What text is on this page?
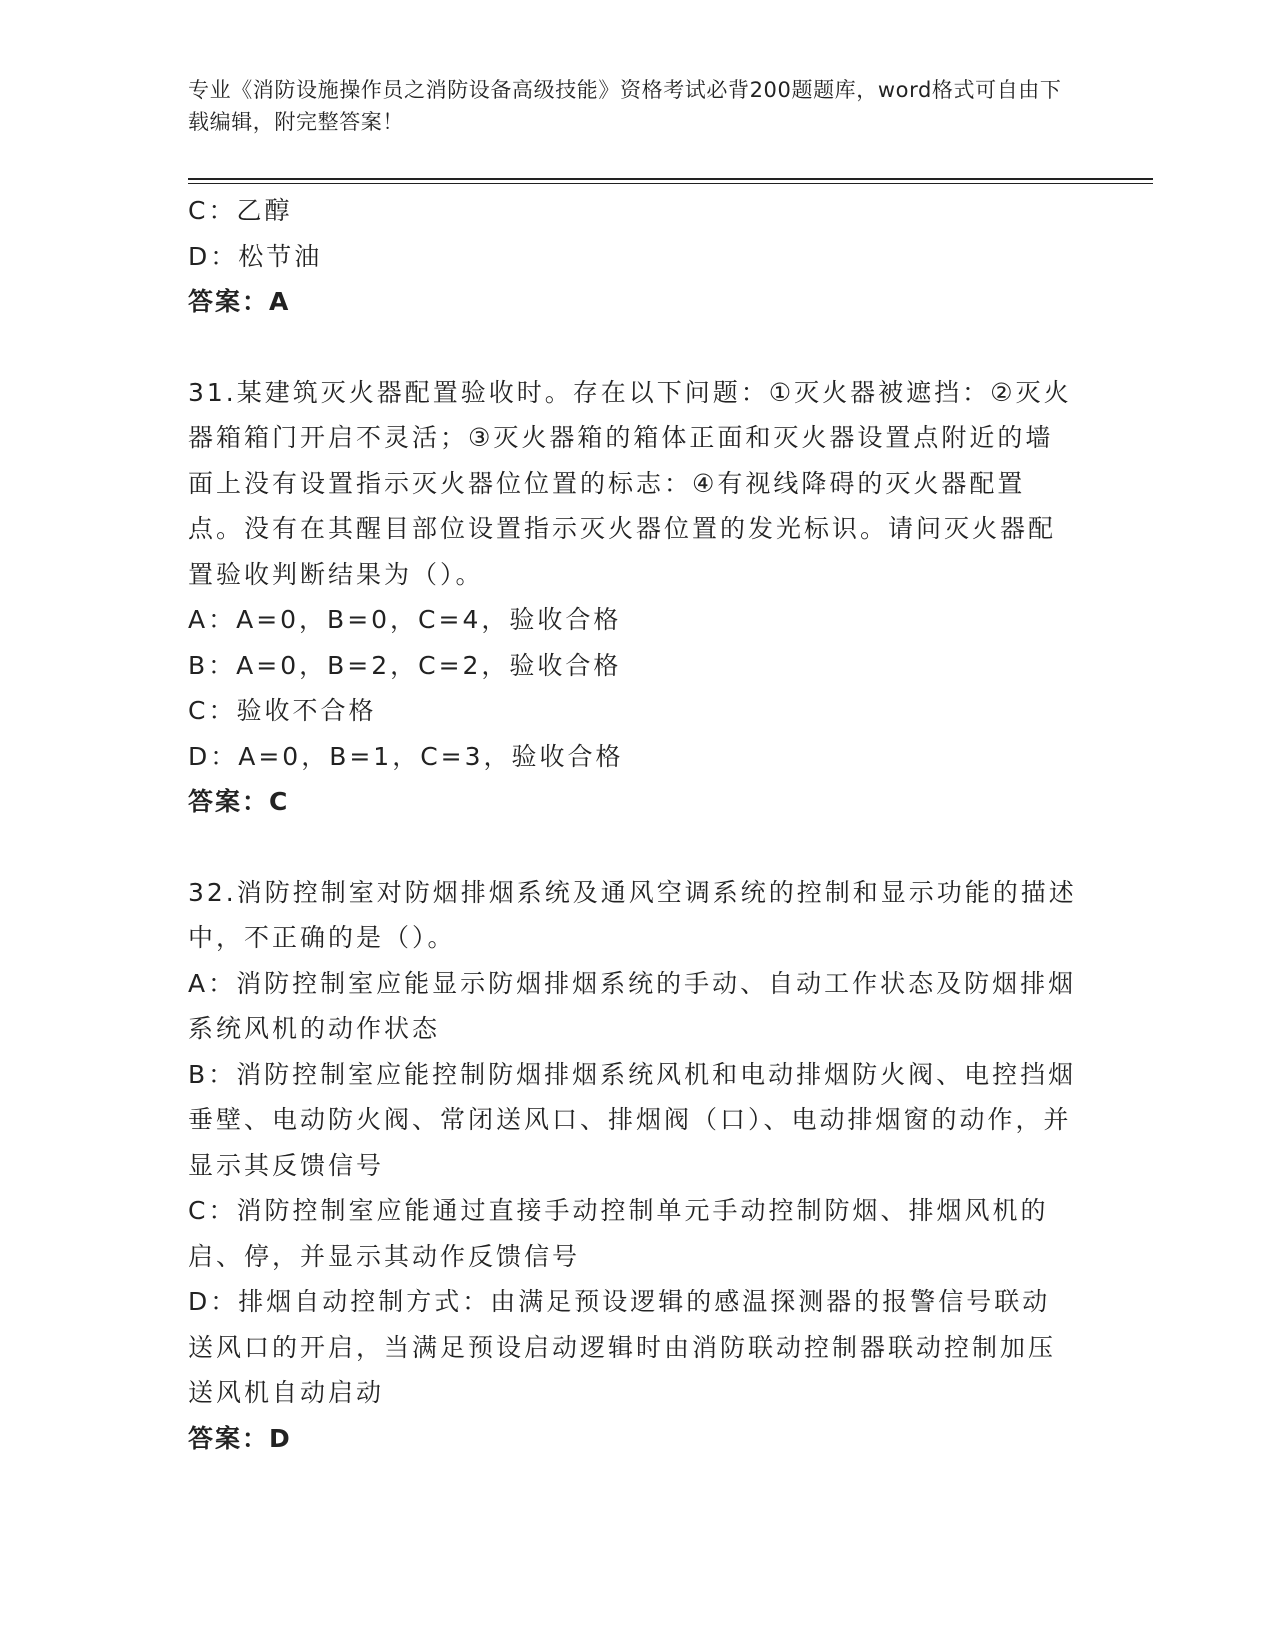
专业《消防设施操作员之消防设备高级技能》资格考试必背200题题库，word格式可自由下载编辑，附完整答案！
C：乙醇
D：松节油
答案：A
31.某建筑灭火器配置验收时。存在以下问题：①灭火器被遮挡：②灭火器箱箱门开启不灵活；③灭火器箱的箱体正面和灭火器设置点附近的墙面上没有设置指示灭火器位位置的标志：④有视线降碍的灭火器配置点。没有在其醒目部位设置指示灭火器位置的发光标识。请问灭火器配置验收判断结果为（）。
A：A=0，B=0，C=4，验收合格
B：A=0，B=2，C=2，验收合格
C：验收不合格
D：A=0，B=1，C=3，验收合格
答案：C
32.消防控制室对防烟排烟系统及通风空调系统的控制和显示功能的描述中，不正确的是（）。
A：消防控制室应能显示防烟排烟系统的手动、自动工作状态及防烟排烟系统风机的动作状态
B：消防控制室应能控制防烟排烟系统风机和电动排烟防火阀、电控挡烟垂壁、电动防火阀、常闭送风口、排烟阀（口）、电动排烟窗的动作，并显示其反馈信号
C：消防控制室应能通过直接手动控制单元手动控制防烟、排烟风机的启、停，并显示其动作反馈信号
D：排烟自动控制方式：由满足预设逻辑的感温探测器的报警信号联动送风口的开启，当满足预设启动逻辑时由消防联动控制器联动控制加压送风机自动启动
答案：D
